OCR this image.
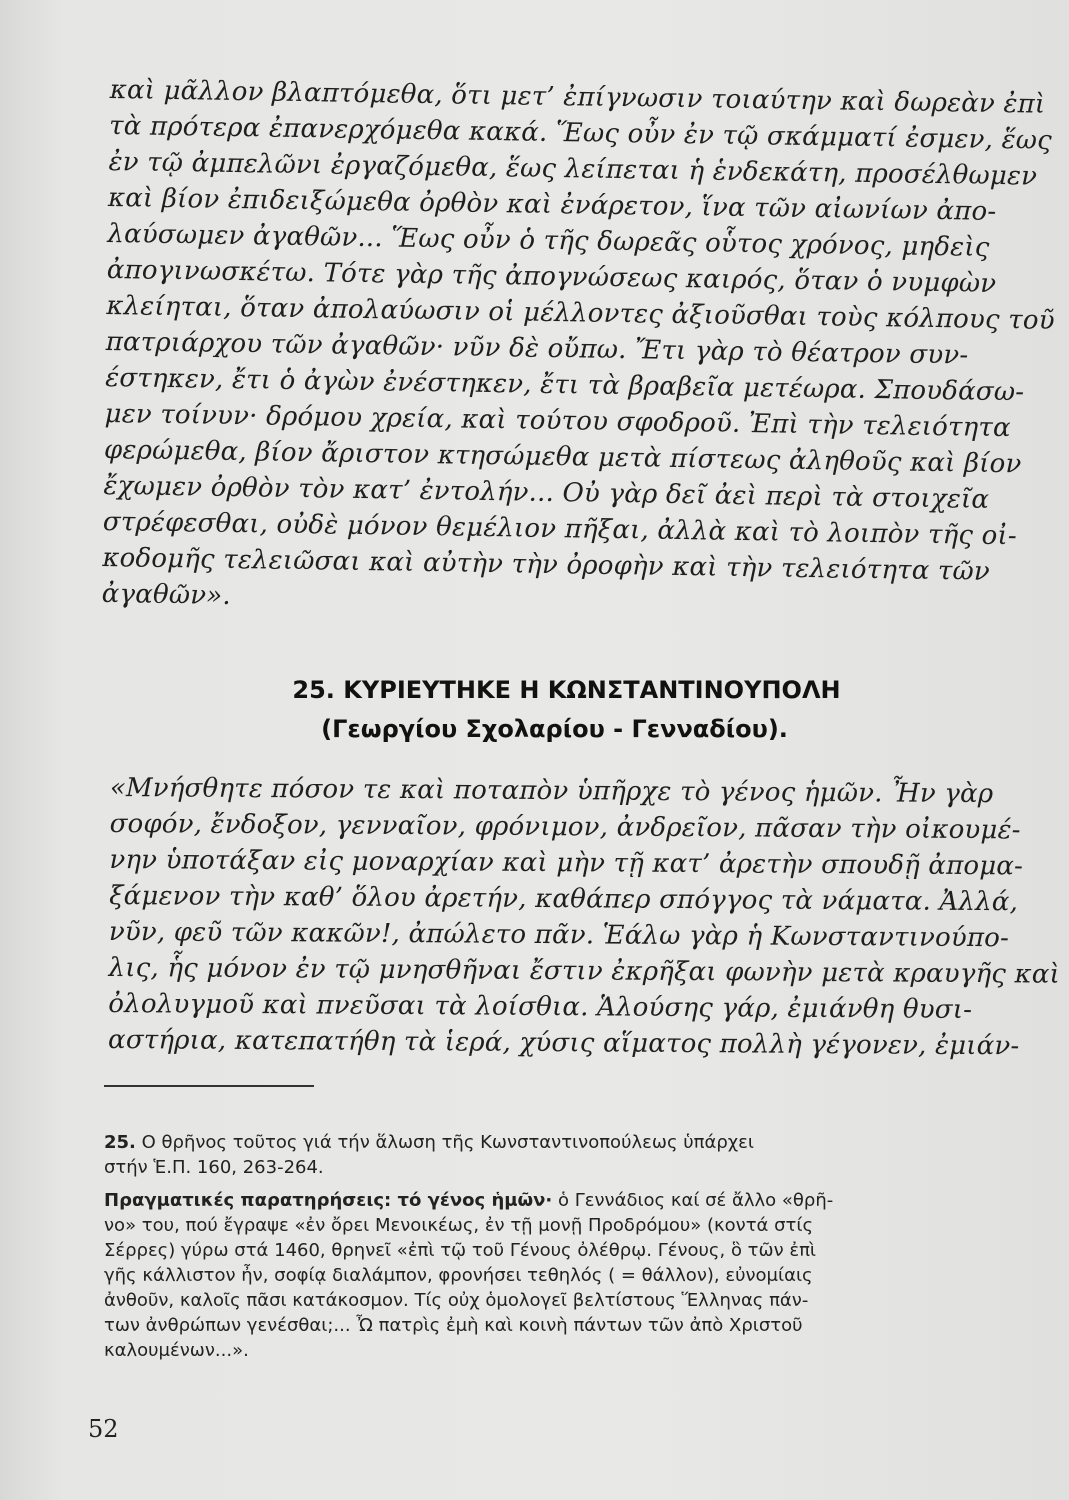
καὶ μᾶλλον βλαπτόμεθα, ὅτι μετ’ ἐπίγνωσιν τοιαύτην καὶ δωρεὰν ἐπὶ
τὰ πρότερα ἐπανερχόμεθα κακά. Ἕως οὖν ἐν τῷ σκάμματί ἐσμεν, ἕως
ἐν τῷ ἀμπελῶνι ἐργαζόμεθα, ἕως λείπεται ἡ ἑνδεκάτη, προσέλθωμεν
καὶ βίον ἐπιδειξώμεθα ὀρθὸν καὶ ἐνάρετον, ἵνα τῶν αἰωνίων ἀπο-
λαύσωμεν ἀγαθῶν... Ἕως οὖν ὁ τῆς δωρεᾶς οὗτος χρόνος, μηδεὶς
ἀπογινωσκέτω. Τότε γὰρ τῆς ἀπογνώσεως καιρός, ὅταν ὁ νυμφὼν
κλείηται, ὅταν ἀπολαύωσιν οἱ μέλλοντες ἀξιοῦσθαι τοὺς κόλπους τοῦ
πατριάρχου τῶν ἀγαθῶν· νῦν δὲ οὔπω. Ἔτι γὰρ τὸ θέατρον συν-
έστηκεν, ἔτι ὁ ἀγὼν ἐνέστηκεν, ἔτι τὰ βραβεῖα μετέωρα. Σπουδάσω-
μεν τοίνυν· δρόμου χρεία, καὶ τούτου σφοδροῦ. Ἐπὶ τὴν τελειότητα
φερώμεθα, βίον ἄριστον κτησώμεθα μετὰ πίστεως ἀληθοῦς καὶ βίον
ἔχωμεν ὀρθὸν τὸν κατ’ ἐντολήν... Οὐ γὰρ δεῖ ἀεὶ περὶ τὰ στοιχεῖα
στρέφεσθαι, οὐδὲ μόνον θεμέλιον πῆξαι, ἀλλὰ καὶ τὸ λοιπὸν τῆς οἰ-
κοδομῆς τελειῶσαι καὶ αὐτὴν τὴν ὀροφὴν καὶ τὴν τελειότητα τῶν
ἀγαθῶν».
25. ΚΥΡΙΕΥΤΗΚΕ Η ΚΩΝΣΤΑΝΤΙΝΟΥΠΟΛΗ
(Γεωργίου Σχολαρίου - Γενναδίου).
«Μνήσθητε πόσον τε καὶ ποταπὸν ὑπῆρχε τὸ γένος ἡμῶν. Ἦν γὰρ
σοφόν, ἔνδοξον, γενναῖον, φρόνιμον, ἀνδρεῖον, πᾶσαν τὴν οἰκουμέ-
νην ὑποτάξαν εἰς μοναρχίαν καὶ μὴν τῇ κατ’ ἀρετὴν σπουδῇ ἀπομα-
ξάμενον τὴν καθ’ ὅλου ἀρετήν, καθάπερ σπόγγος τὰ νάματα. Ἀλλά,
νῦν, φεῦ τῶν κακῶν!, ἀπώλετο πᾶν. Ἑάλω γὰρ ἡ Κωνσταντινούπο-
λις, ἧς μόνον ἐν τῷ μνησθῆναι ἔστιν ἐκρῆξαι φωνὴν μετὰ κραυγῆς καὶ
ὀλολυγμοῦ καὶ πνεῦσαι τὰ λοίσθια. Ἁλούσης γάρ, ἐμιάνθη θυσι-
αστήρια, κατεπατήθη τὰ ἱερά, χύσις αἵματος πολλὴ γέγονεν, ἐμιάν-
25. Ο θρῆνος τοῦτος γιά τήν ἅλωση τῆς Κωνσταντινοπούλεως ὑπάρχει
στήν Ἑ.Π. 160, 263-264.
Πραγματικές παρατηρήσεις: τό γένος ἡμῶν· ὁ Γεννάδιος καί σέ ἄλλο «θρῆ-
νο» του, πού ἔγραψε «ἐν ὄρει Μενοικέως, ἐν τῇ μονῇ Προδρόμου» (κοντά στίς
Σέρρες) γύρω στά 1460, θρηνεῖ «ἐπὶ τῷ τοῦ Γένους ὀλέθρῳ. Γένους, ὃ τῶν ἐπὶ
γῆς κάλλιστον ἦν, σοφίᾳ διαλάμπον, φρονήσει τεθηλός ( = θάλλον), εὐνομίαις
ἀνθοῦν, καλοῖς πᾶσι κατάκοσμον. Τίς οὐχ ὁμολογεῖ βελτίστους Ἕλληνας πάν-
των ἀνθρώπων γενέσθαι;... Ὦ πατρὶς ἐμὴ καὶ κοινὴ πάντων τῶν ἀπὸ Χριστοῦ
καλουμένων...».
52
